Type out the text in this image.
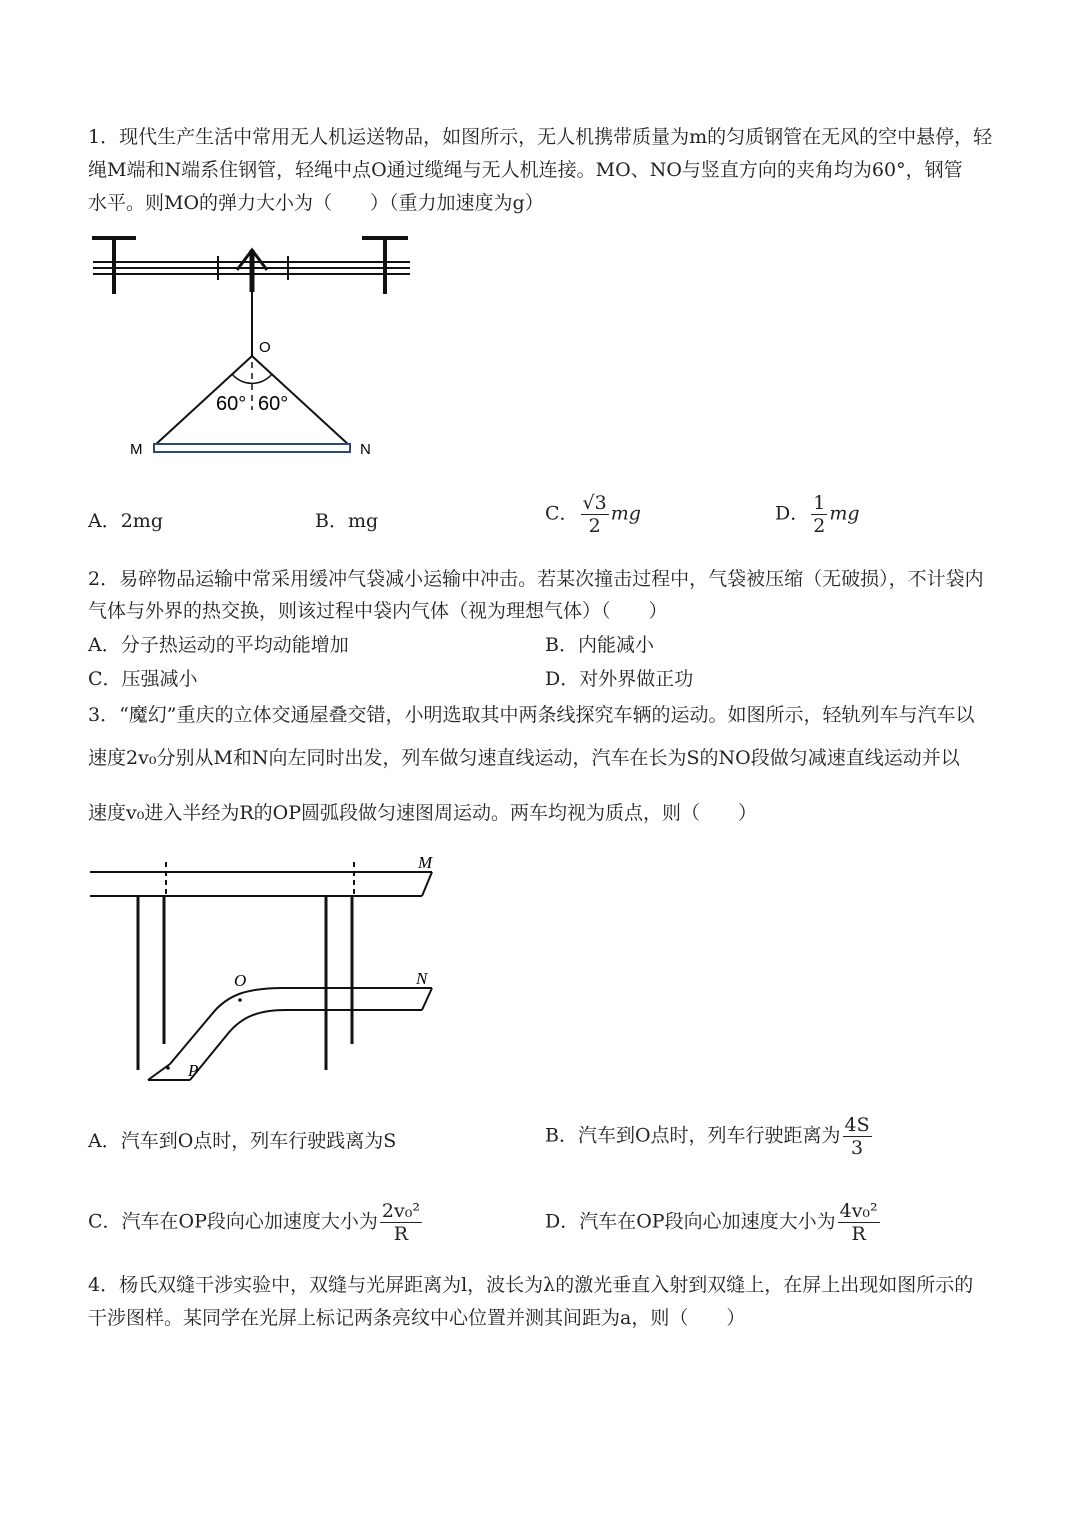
1．现代生产生活中常用无人机运送物品，如图所示，无人机携带质量为m的匀质钢管在无风的空中悬停，轻
绳M端和N端系住钢管，轻绳中点O通过缆绳与无人机连接。MO、NO与竖直方向的夹角均为60°，钢管
水平。则MO的弹力大小为（　　）（重力加速度为g）
O
60° 60°
M	N
A．2mg	B．mg	C． $\frac{√3}{2}$ mg	D． $\frac{1}{2}$ mg
2．易碎物品运输中常采用缓冲气袋减小运输中冲击。若某次撞击过程中，气袋被压缩（无破损），不计袋内
气体与外界的热交换，则该过程中袋内气体（视为理想气体）（　　）
A．分子热运动的平均动能增加	B．内能减小
C．压强减小	D．对外界做正功
3．“魔幻”重庆的立体交通屋叠交错，小明选取其中两条线探究车辆的运动。如图所示，轻轨列车与汽车以
速度2v₀分别从M和N向左同时出发，列车做匀速直线运动，汽车在长为S的NO段做匀减速直线运动并以
速度v₀进入半经为R的OP圆弧段做匀速图周运动。两车均视为质点，则（　　）
M
N
O
P
A．汽车到O点时，列车行驶践离为S	B．汽车到O点时，列车行驶距离为 $\frac{4S}{3}$
C．汽车在OP段向心加速度大小为 $\frac{\text{2v₀²}}{R}$	D．汽车在OP段向心加速度大小为 $\frac{\text{4v₀²}}{R}$
4．杨氏双缝干涉实验中，双缝与光屏距离为l，波长为λ的激光垂直入射到双缝上，在屏上出现如图所示的
干涉图样。某同学在光屏上标记两条亮纹中心位置并测其间距为a，则（　　）
